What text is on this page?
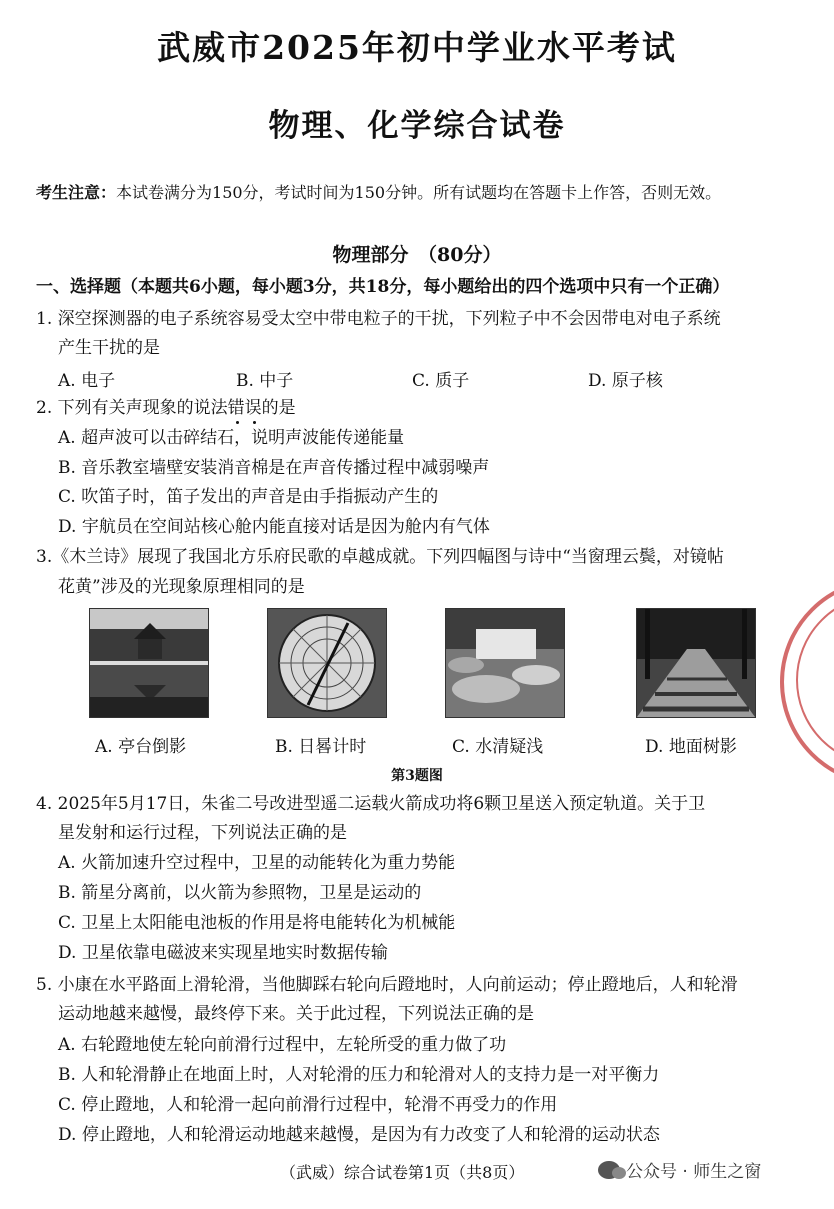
武威市2025年初中学业水平考试
物理、化学综合试卷
考生注意：本试卷满分为150分，考试时间为150分钟。所有试题均在答题卡上作答，否则无效。
物理部分　（80分）
一、选择题（本题共6小题，每小题3分，共18分，每小题给出的四个选项中只有一个正确）
1. 深空探测器的电子系统容易受太空中带电粒子的干扰，下列粒子中不会因带电对电子系统
产生干扰的是
A. 电子	B. 中子	C. 质子	D. 原子核
2. 下列有关声现象的说法错误的是
A. 超声波可以击碎结石，说明声波能传递能量
B. 音乐教室墙壁安装消音棉是在声音传播过程中减弱噪声
C. 吹笛子时，笛子发出的声音是由手指振动产生的
D. 宇航员在空间站核心舱内能直接对话是因为舱内有气体
3.《木兰诗》展现了我国北方乐府民歌的卓越成就。下列四幅图与诗中“当窗理云鬓，对镜帖
花黄”涉及的光现象原理相同的是
A. 亭台倒影	B. 日晷计时	C. 水清疑浅	D. 地面树影
第3题图
4. 2025年5月17日，朱雀二号改进型遥二运载火箭成功将6颗卫星送入预定轨道。关于卫
星发射和运行过程，下列说法正确的是
A. 火箭加速升空过程中，卫星的动能转化为重力势能
B. 箭星分离前，以火箭为参照物，卫星是运动的
C. 卫星上太阳能电池板的作用是将电能转化为机械能
D. 卫星依靠电磁波来实现星地实时数据传输
5. 小康在水平路面上滑轮滑，当他脚踩右轮向后蹬地时，人向前运动；停止蹬地后，人和轮滑
运动地越来越慢，最终停下来。关于此过程，下列说法正确的是
A. 右轮蹬地使左轮向前滑行过程中，左轮所受的重力做了功
B. 人和轮滑静止在地面上时，人对轮滑的压力和轮滑对人的支持力是一对平衡力
C. 停止蹬地，人和轮滑一起向前滑行过程中，轮滑不再受力的作用
D. 停止蹬地，人和轮滑运动地越来越慢，是因为有力改变了人和轮滑的运动状态
（武威）综合试卷第1页（共8页）	公众号 · 师生之窗
